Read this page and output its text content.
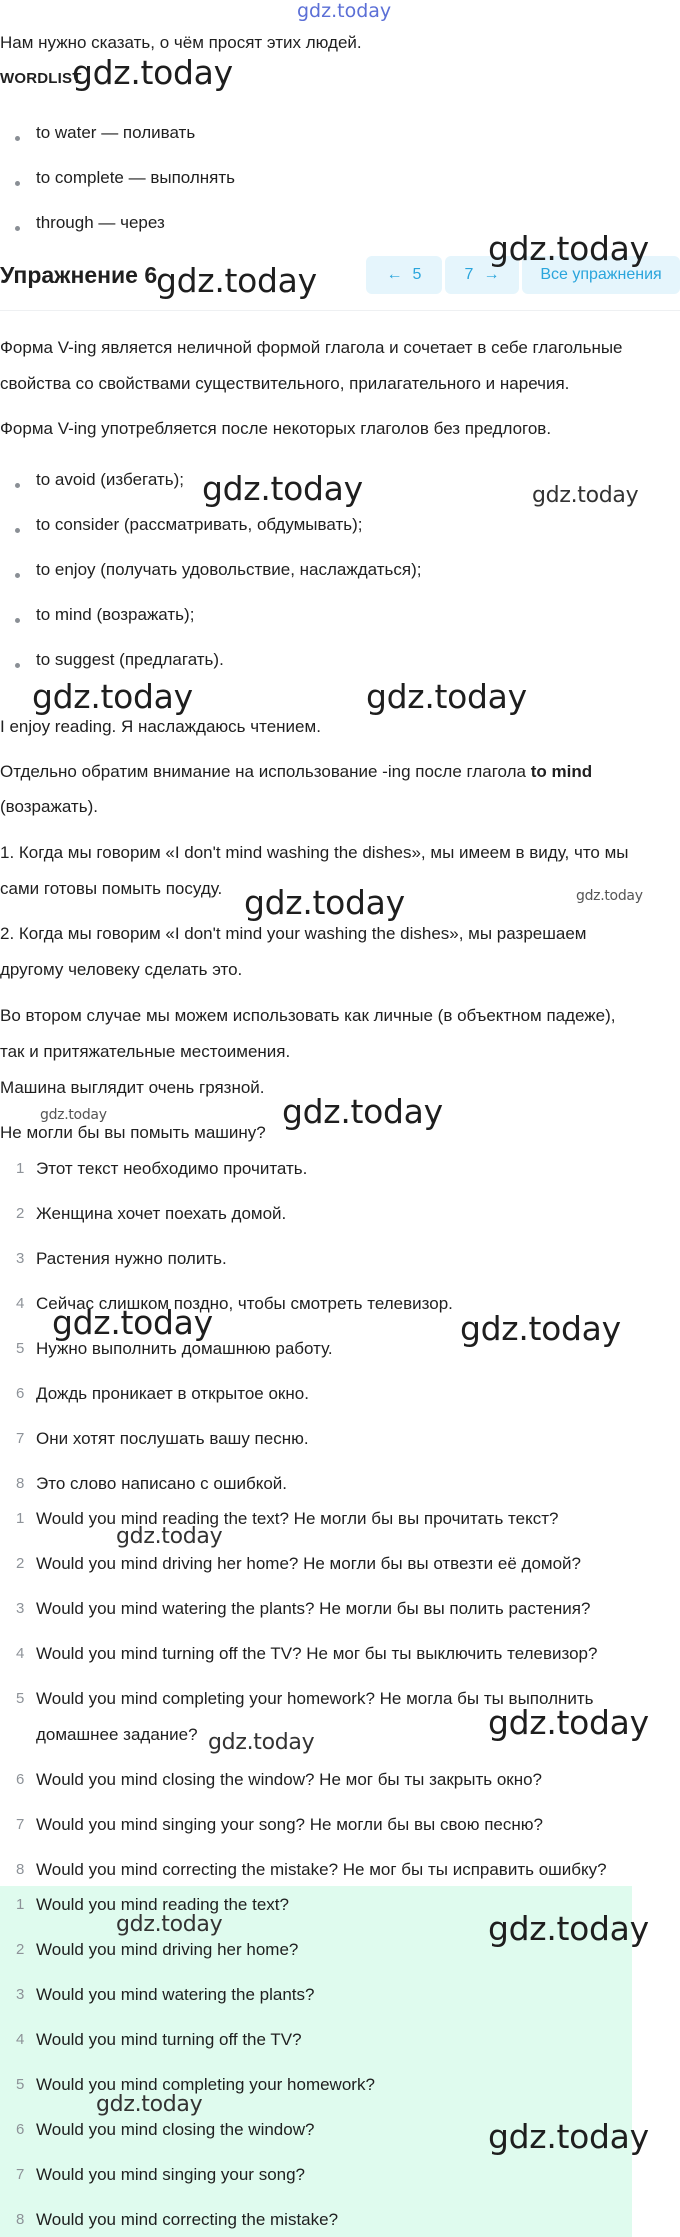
gdz.today

Нам нужно сказать, о чём просят этих людей.

WORDLIST
gdz.today
to water — поливать
to complete — выполнять
through — через
Упражнение 6
gdz.today
gdz.today
← 5	7 →	Все упражнения

Форма V-ing является неличной формой глагола и сочетает в себе глагольные

свойства со свойствами существительного, прилагательного и наречия.

Форма V-ing употребляется после некоторых глаголов без предлогов.

to avoid (избегать);
to consider (рассматривать, обдумывать);
to enjoy (получать удовольствие, наслаждаться);
to mind (возражать);
to suggest (предлагать).
gdz.today	gdz.today
gdz.today	gdz.today

I enjoy reading. Я наслаждаюсь чтением.

Отдельно обратим внимание на использование -ing после глагола to mind

(возражать).

1. Когда мы говорим «I don't mind washing the dishes», мы имеем в виду, что мы

сами готовы помыть посуду. gdz.today	gdz.today

2. Когда мы говорим «I don't mind your washing the dishes», мы разрешаем

другому человеку сделать это.

Во втором случае мы можем использовать как личные (в объектном падеже),

так и притяжательные местоимения.

Машина выглядит очень грязной.

gdz.today	gdz.today

Не могли бы вы помыть машину?

1 Этот текст необходимо прочитать.
2 Женщина хочет поехать домой.
3 Растения нужно полить.
4 Сейчас слишком поздно, чтобы смотреть телевизор.
5 Нужно выполнить домашнюю работу.
6 Дождь проникает в открытое окно.
7 Они хотят послушать вашу песню.
8 Это слово написано с ошибкой.
gdz.today	gdz.today
1 Would you mind reading the text? Не могли бы вы прочитать текст?
gdz.today
2 Would you mind driving her home? Не могли бы вы отвезти её домой?
3 Would you mind watering the plants? Не могли бы вы полить растения?
4 Would you mind turning off the TV? Не мог бы ты выключить телевизор?
5 Would you mind completing your homework? Не могла бы ты выполнить
домашнее задание? gdz.today
gdz.today
6 Would you mind closing the window? Не мог бы ты закрыть окно?
7 Would you mind singing your song? Не могли бы вы свою песню?
8 Would you mind correcting the mistake? Не мог бы ты исправить ошибку?
1 Would you mind reading the text?
gdz.today	gdz.today
2 Would you mind driving her home?
3 Would you mind watering the plants?
4 Would you mind turning off the TV?
5 Would you mind completing your homework?
gdz.today
6 Would you mind closing the window?	gdz.today
7 Would you mind singing your song?
8 Would you mind correcting the mistake?
